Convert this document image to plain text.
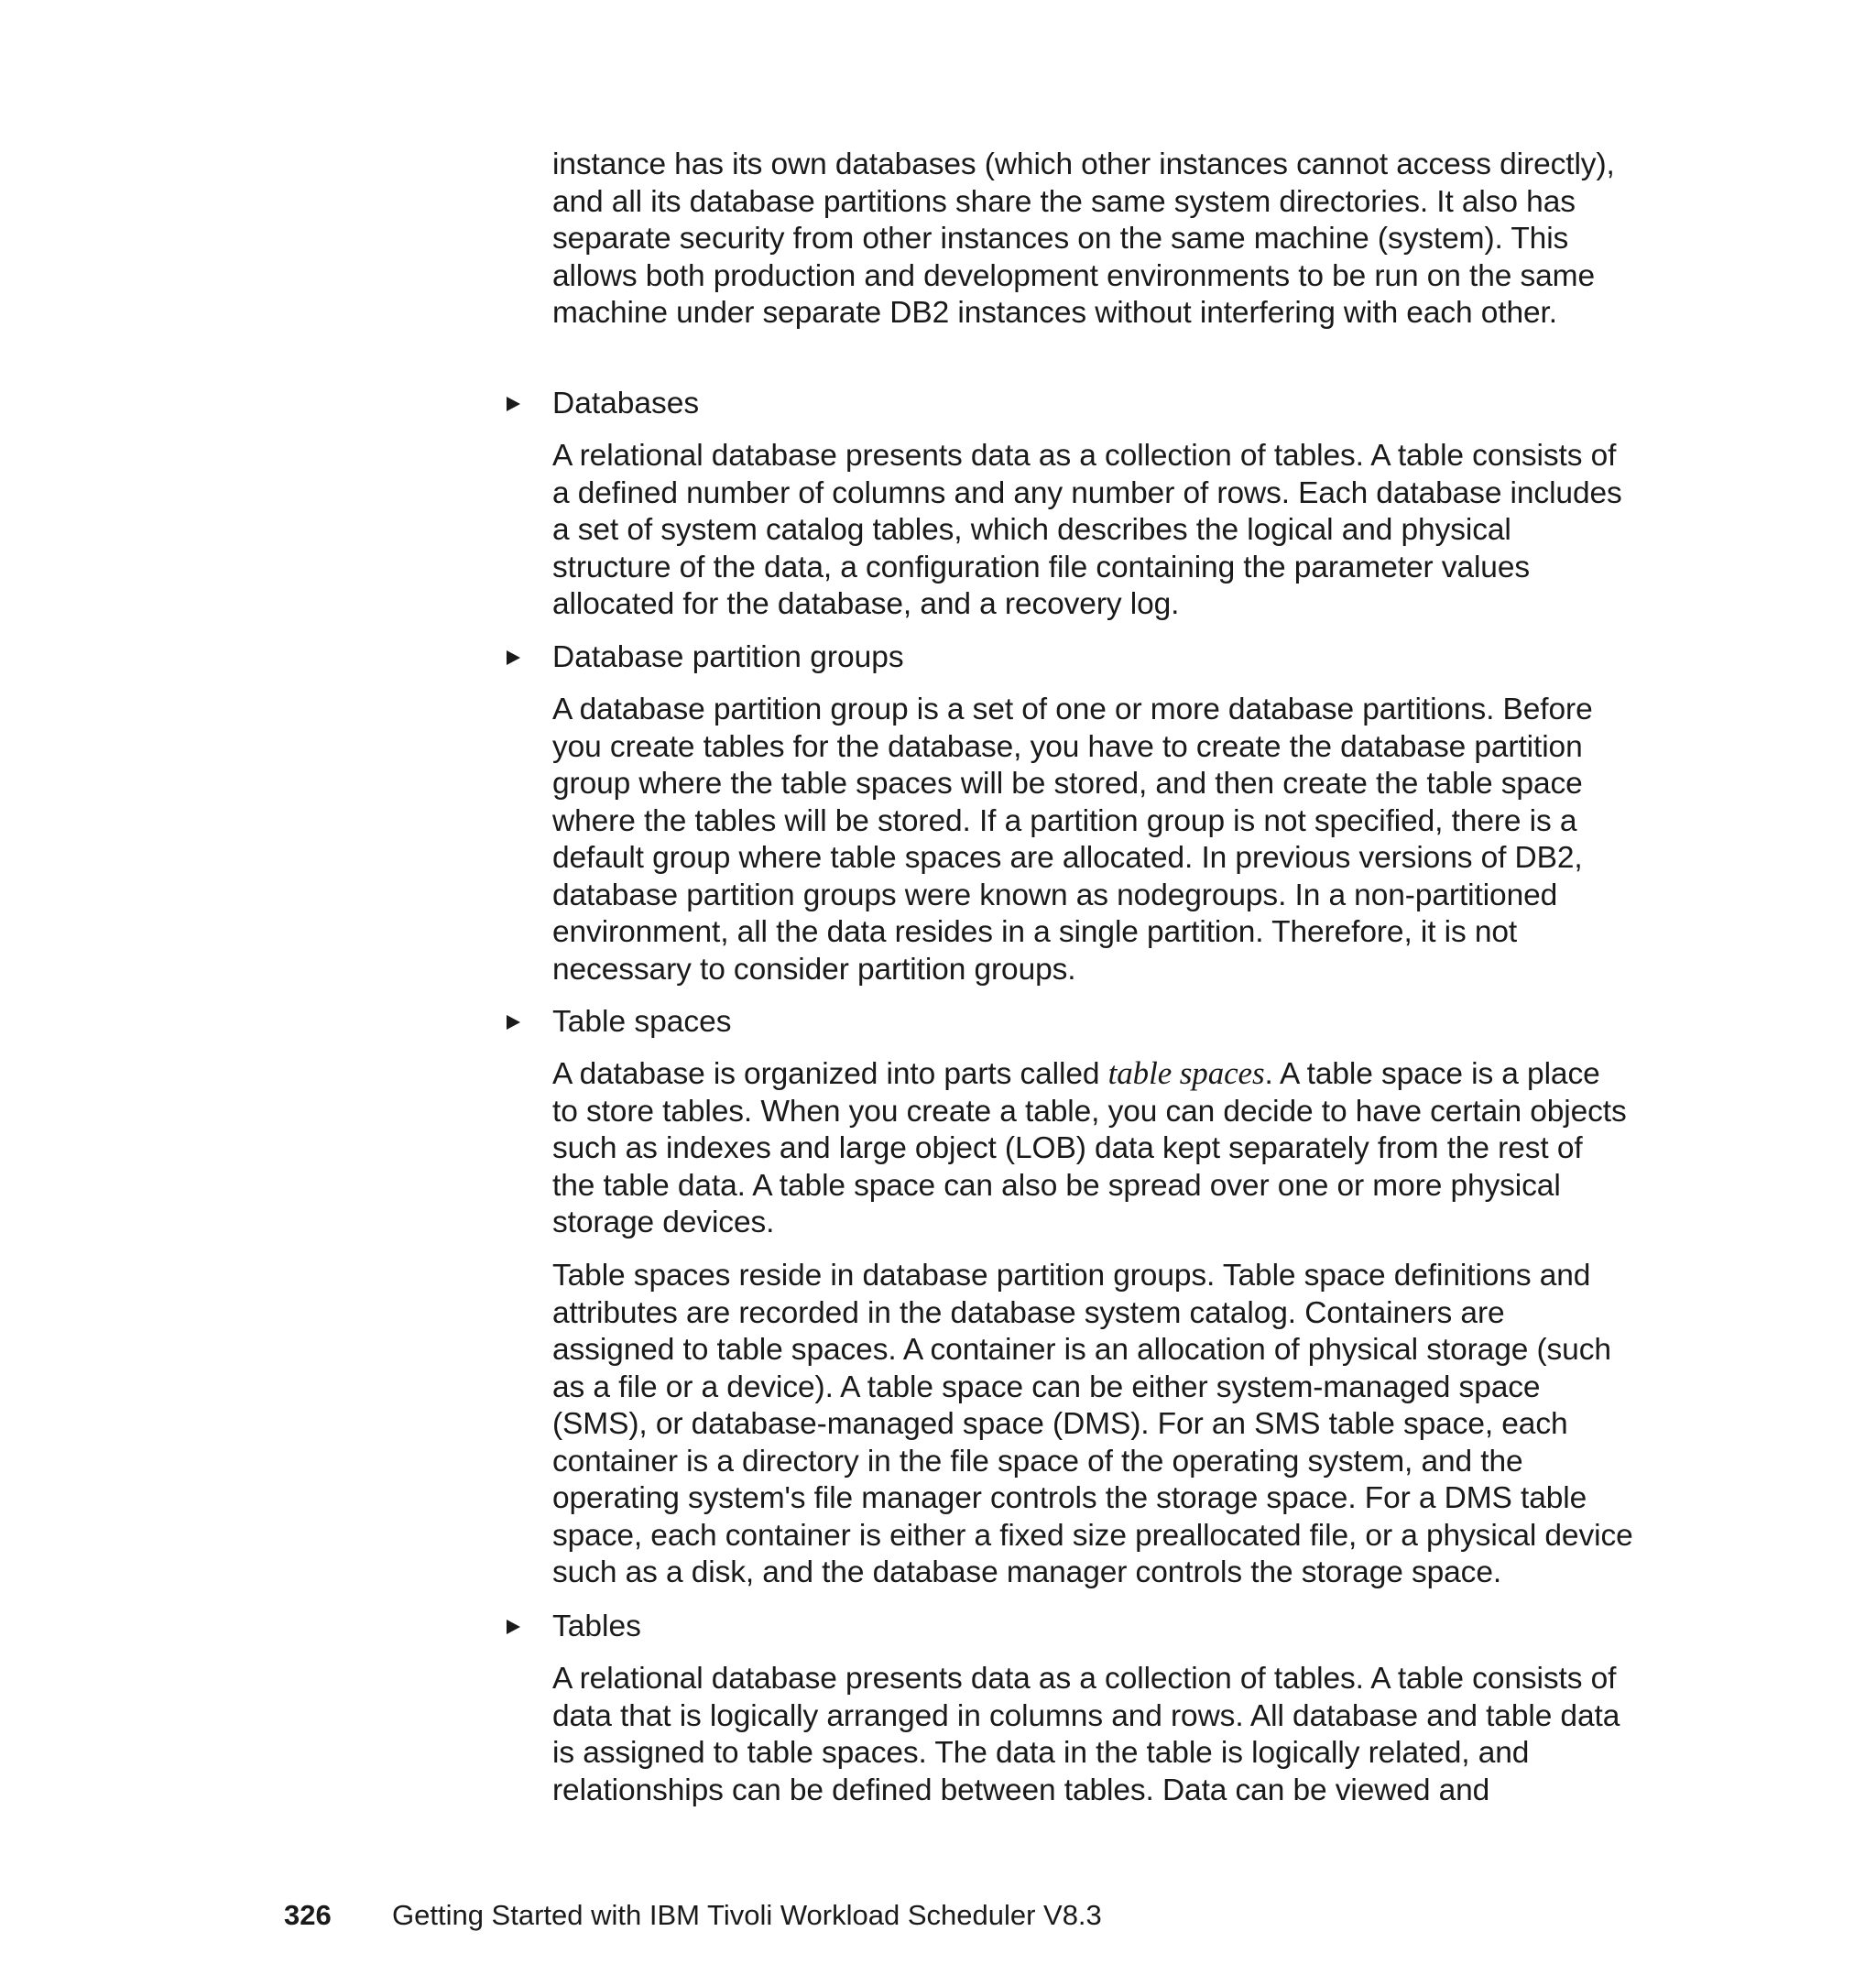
instance has its own databases (which other instances cannot access directly), and all its database partitions share the same system directories. It also has separate security from other instances on the same machine (system). This allows both production and development environments to be run on the same machine under separate DB2 instances without interfering with each other.
Databases
A relational database presents data as a collection of tables. A table consists of a defined number of columns and any number of rows. Each database includes a set of system catalog tables, which describes the logical and physical structure of the data, a configuration file containing the parameter values allocated for the database, and a recovery log.
Database partition groups
A database partition group is a set of one or more database partitions. Before you create tables for the database, you have to create the database partition group where the table spaces will be stored, and then create the table space where the tables will be stored. If a partition group is not specified, there is a default group where table spaces are allocated. In previous versions of DB2, database partition groups were known as nodegroups. In a non-partitioned environment, all the data resides in a single partition. Therefore, it is not necessary to consider partition groups.
Table spaces
A database is organized into parts called table spaces. A table space is a place to store tables. When you create a table, you can decide to have certain objects such as indexes and large object (LOB) data kept separately from the rest of the table data. A table space can also be spread over one or more physical storage devices.
Table spaces reside in database partition groups. Table space definitions and attributes are recorded in the database system catalog. Containers are assigned to table spaces. A container is an allocation of physical storage (such as a file or a device). A table space can be either system-managed space (SMS), or database-managed space (DMS). For an SMS table space, each container is a directory in the file space of the operating system, and the operating system's file manager controls the storage space. For a DMS table space, each container is either a fixed size preallocated file, or a physical device such as a disk, and the database manager controls the storage space.
Tables
A relational database presents data as a collection of tables. A table consists of data that is logically arranged in columns and rows. All database and table data is assigned to table spaces. The data in the table is logically related, and relationships can be defined between tables. Data can be viewed and
326 Getting Started with IBM Tivoli Workload Scheduler V8.3
